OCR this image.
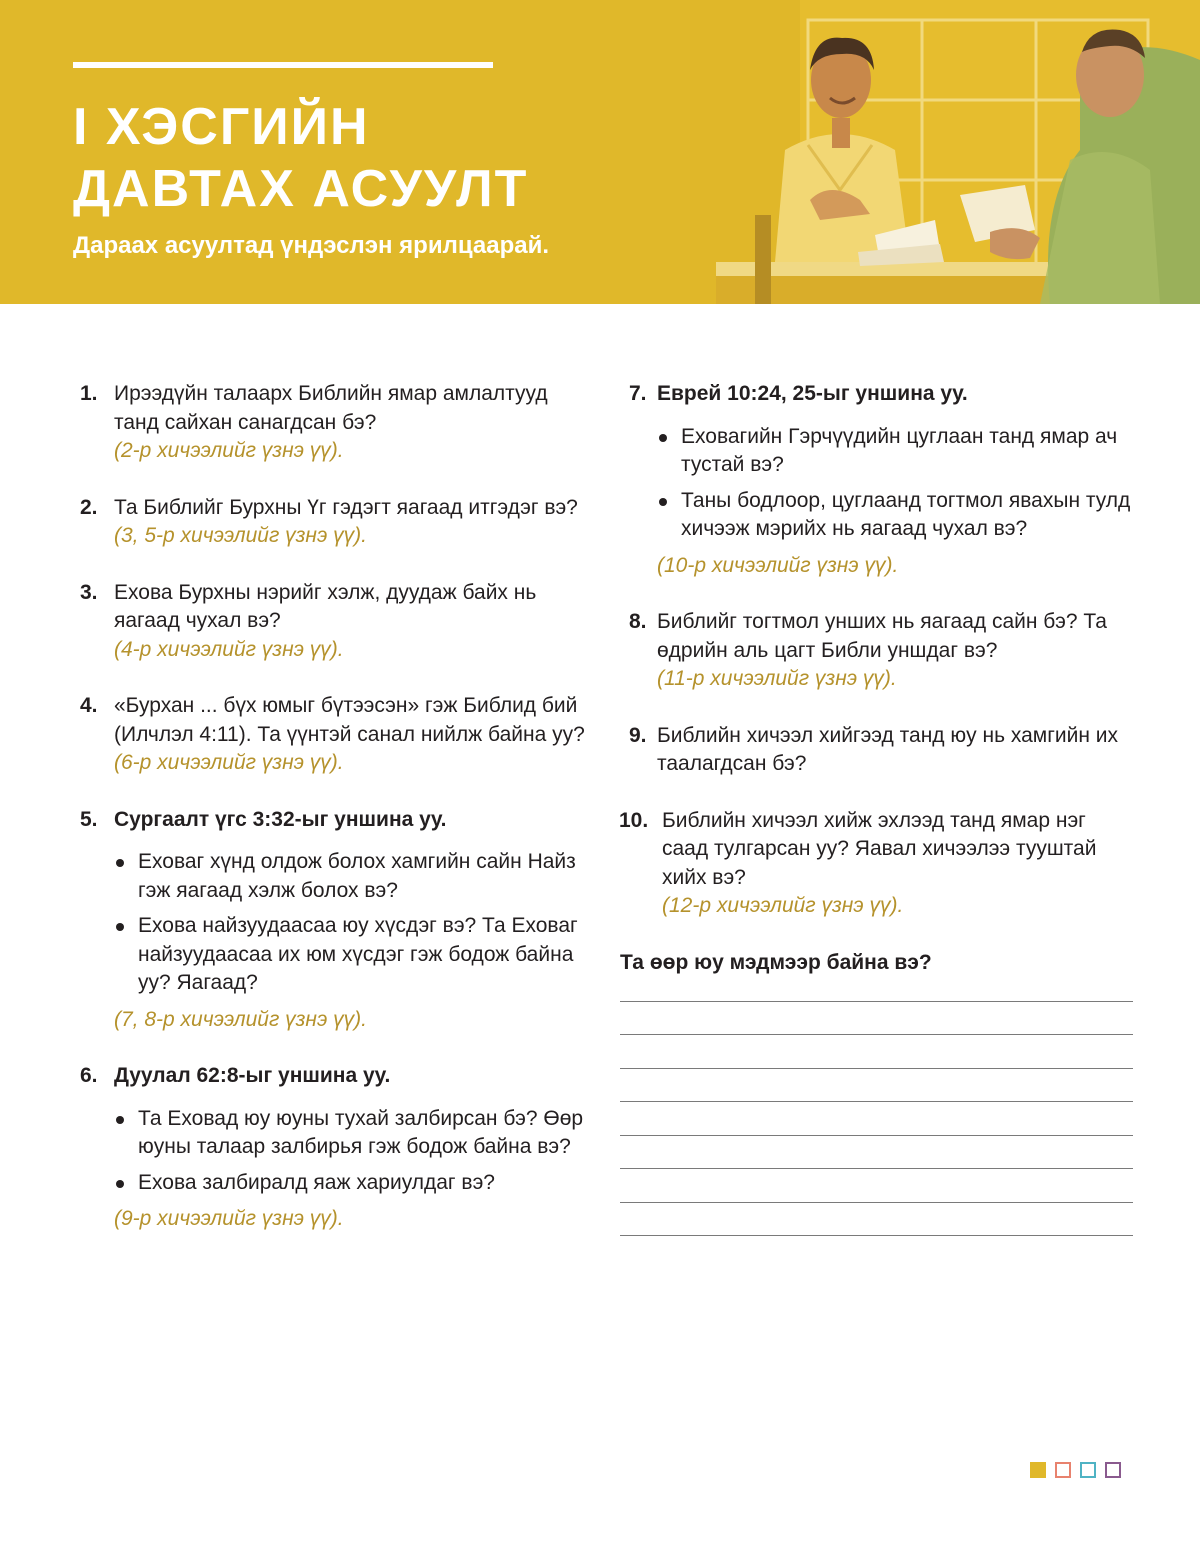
I ХЭСГИЙН
ДАВТАХ АСУУЛТ
Дараах асуултад үндэслэн ярилцаарай.
1. Ирээдүйн талаарх Библийн ямар амлалтууд танд сайхан санагдсан бэ?
(2-р хичээлийг үзнэ үү).
2. Та Библийг Бурхны Үг гэдэгт яагаад итгэдэг вэ?
(3, 5-р хичээлийг үзнэ үү).
3. Ехова Бурхны нэрийг хэлж, дуудаж байх нь яагаад чухал вэ?
(4-р хичээлийг үзнэ үү).
4. «Бурхан ... бүх юмыг бүтээсэн» гэж Библид бий (Илчлэл 4:11). Та үүнтэй санал нийлж байна уу?
(6-р хичээлийг үзнэ үү).
5. Сургаалт үгс 3:32-ыг уншина уу.
Еховаг хүнд олдож болох хамгийн сайн Найз гэж яагаад хэлж болох вэ?
Ехова найзуудаасаа юу хүсдэг вэ? Та Еховаг найзуудаасаа их юм хүсдэг гэж бодож байна уу? Яагаад?
(7, 8-р хичээлийг үзнэ үү).
6. Дуулал 62:8-ыг уншина уу.
Та Еховад юу юуны тухай залбирсан бэ? Өөр юуны талаар залбирья гэж бодож байна вэ?
Ехова залбиралд яаж хариулдаг вэ?
(9-р хичээлийг үзнэ үү).
7. Еврей 10:24, 25-ыг уншина уу.
Еховагийн Гэрчүүдийн цуглаан танд ямар ач тустай вэ?
Таны бодлоор, цуглаанд тогтмол явахын тулд хичээж мэрийх нь яагаад чухал вэ?
(10-р хичээлийг үзнэ үү).
8. Библийг тогтмол унших нь яагаад сайн бэ? Та өдрийн аль цагт Библи уншдаг вэ?
(11-р хичээлийг үзнэ үү).
9. Библийн хичээл хийгээд танд юу нь хамгийн их таалагдсан бэ?
10. Библийн хичээл хийж эхлээд танд ямар нэг саад тулгарсан уу? Яавал хичээлээ тууштай хийх вэ?
(12-р хичээлийг үзнэ үү).
Та өөр юу мэдмээр байна вэ?
